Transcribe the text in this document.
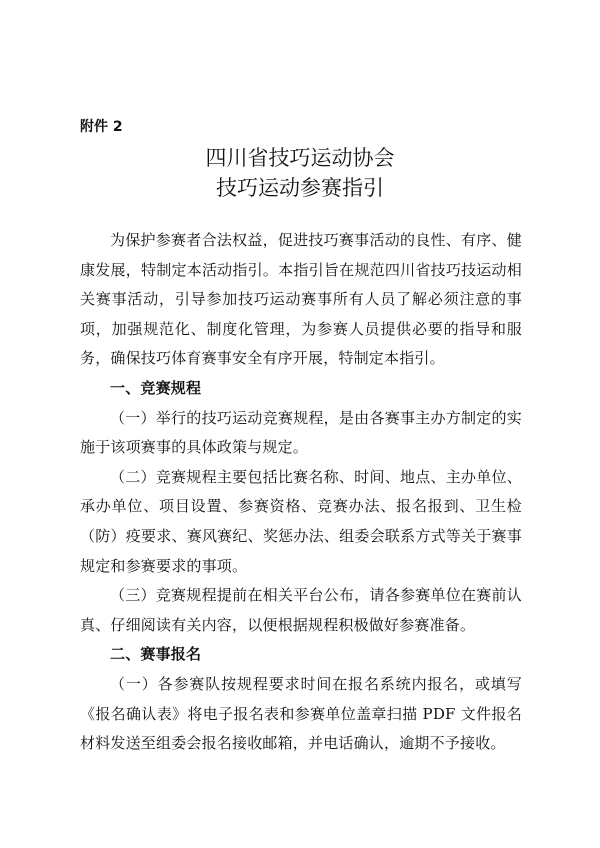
附件 2
四川省技巧运动协会
技巧运动参赛指引

为保护参赛者合法权益，促进技巧赛事活动的良性、有序、健康发展，特制定本活动指引。本指引旨在规范四川省技巧技运动相关赛事活动，引导参加技巧运动赛事所有人员了解必须注意的事项，加强规范化、制度化管理，为参赛人员提供必要的指导和服务，确保技巧体育赛事安全有序开展，特制定本指引。

一、竞赛规程

（一）举行的技巧运动竞赛规程，是由各赛事主办方制定的实施于该项赛事的具体政策与规定。

（二）竞赛规程主要包括比赛名称、时间、地点、主办单位、承办单位、项目设置、参赛资格、竞赛办法、报名报到、卫生检（防）疫要求、赛风赛纪、奖惩办法、组委会联系方式等关于赛事规定和参赛要求的事项。

（三）竞赛规程提前在相关平台公布，请各参赛单位在赛前认真、仔细阅读有关内容，以便根据规程积极做好参赛准备。

二、赛事报名

（一）各参赛队按规程要求时间在报名系统内报名，或填写《报名确认表》将电子报名表和参赛单位盖章扫描 PDF 文件报名材料发送至组委会报名接收邮箱，并电话确认，逾期不予接收。
